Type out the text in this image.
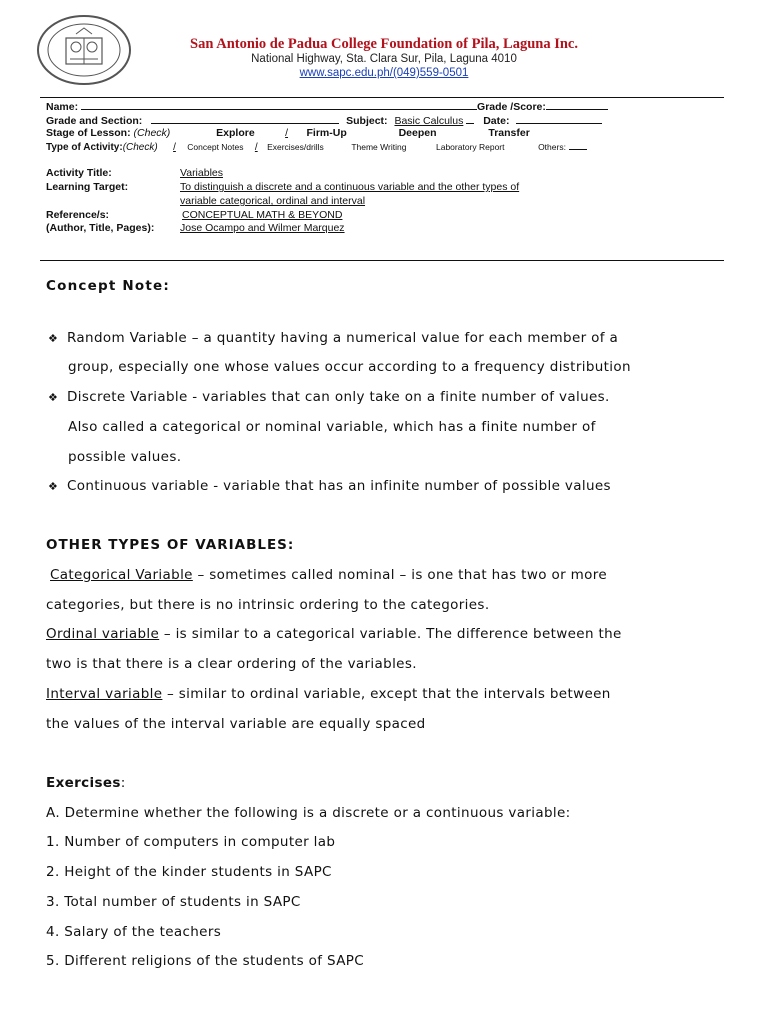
San Antonio de Padua College Foundation of Pila, Laguna Inc.
National Highway, Sta. Clara Sur, Pila, Laguna 4010
www.sapc.edu.ph/(049)559-0501
Name:	Grade /Score:
Grade and Section:	Subject: Basic Calculus Date:
Stage of Lesson: (Check)	Explore	/ Firm-Up	Deepen	Transfer
Type of Activity:(Check) / Concept Notes / Exercises/drills	Theme Writing	Laboratory Report	Others:
Activity Title:	Variables
Learning Target:	To distinguish a discrete and a continuous variable and the other types of
variable categorical, ordinal and interval
Reference/s:	CONCEPTUAL MATH & BEYOND
(Author, Title, Pages): Jose Ocampo and Wilmer Marquez
Concept Note:
❖ Random Variable – a quantity having a numerical value for each member of a
group, especially one whose values occur according to a frequency distribution
❖ Discrete Variable - variables that can only take on a finite number of values.
Also called a categorical or nominal variable, which has a finite number of
possible values.
❖ Continuous variable - variable that has an infinite number of possible values
OTHER TYPES OF VARIABLES:
Categorical Variable – sometimes called nominal – is one that has two or more
categories, but there is no intrinsic ordering to the categories.
Ordinal variable – is similar to a categorical variable. The difference between the
two is that there is a clear ordering of the variables.
Interval variable – similar to ordinal variable, except that the intervals between
the values of the interval variable are equally spaced
Exercises:
A. Determine whether the following is a discrete or a continuous variable:
1. Number of computers in computer lab
2. Height of the kinder students in SAPC
3. Total number of students in SAPC
4. Salary of the teachers
5. Different religions of the students of SAPC
